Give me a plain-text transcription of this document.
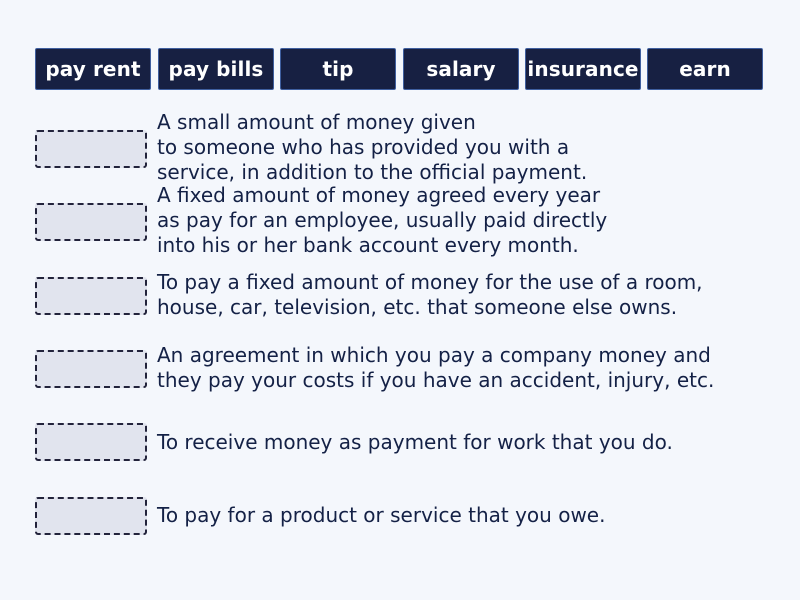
pay rent	pay bills	tip	salary	insurance	earn
A small amount of money given
to someone who has provided you with a
service, in addition to the official payment.
A fixed amount of money agreed every year
as pay for an employee, usually paid directly
into his or her bank account every month.
To pay a fixed amount of money for the use of a room,
house, car, television, etc. that someone else owns.
An agreement in which you pay a company money and
they pay your costs if you have an accident, injury, etc.
To receive money as payment for work that you do.
To pay for a product or service that you owe.
